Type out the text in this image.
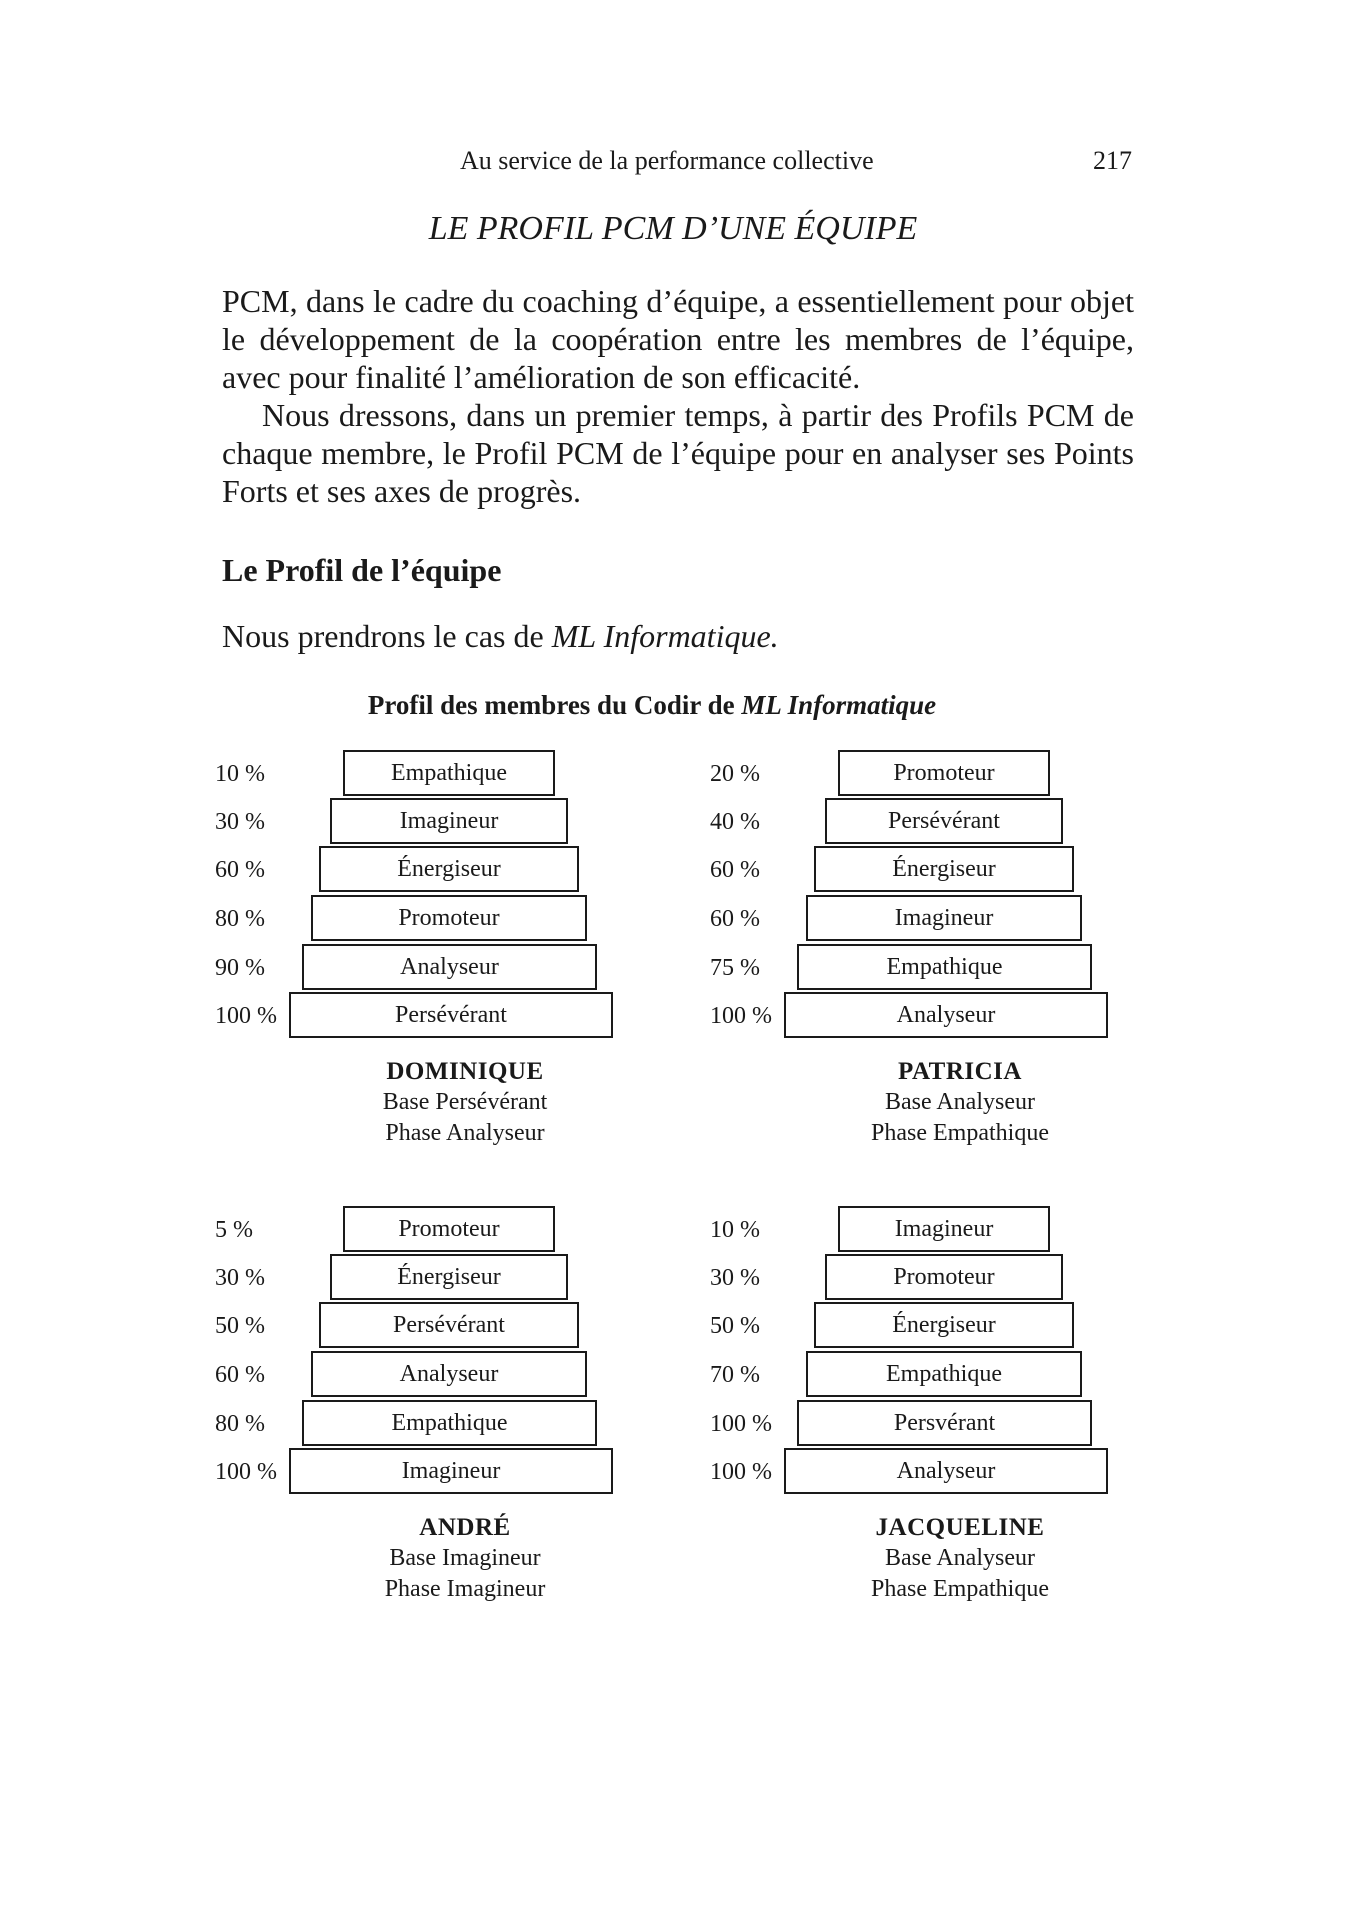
Au service de la performance collective	217
LE PROFIL PCM D’UNE ÉQUIPE

PCM, dans le cadre du coaching d’équipe, a essentiellement pour objet le développement de la coopération entre les membres de l’équipe, avec pour finalité l’amélioration de son efficacité.

Nous dressons, dans un premier temps, à partir des Profils PCM de chaque membre, le Profil PCM de l’équipe pour en analyser ses Points Forts et ses axes de progrès.

Le Profil de l’équipe
Nous prendrons le cas de ML Informatique.
Profil des membres du Codir de ML Informatique
10 %	Empathique
30 %	Imagineur
60 %	Énergiseur
80 %	Promoteur
90 %	Analyseur
100 %	Persévérant
DOMINIQUE
Base Persévérant
Phase Analyseur
20 %	Promoteur
40 %	Persévérant
60 %	Énergiseur
60 %	Imagineur
75 %	Empathique
100 %	Analyseur
PATRICIA
Base Analyseur
Phase Empathique
5 %	Promoteur
30 %	Énergiseur
50 %	Persévérant
60 %	Analyseur
80 %	Empathique
100 %	Imagineur
ANDRÉ
Base Imagineur
Phase Imagineur
10 %	Imagineur
30 %	Promoteur
50 %	Énergiseur
70 %	Empathique
100 %	Persvérant
100 %	Analyseur
JACQUELINE
Base Analyseur
Phase Empathique
